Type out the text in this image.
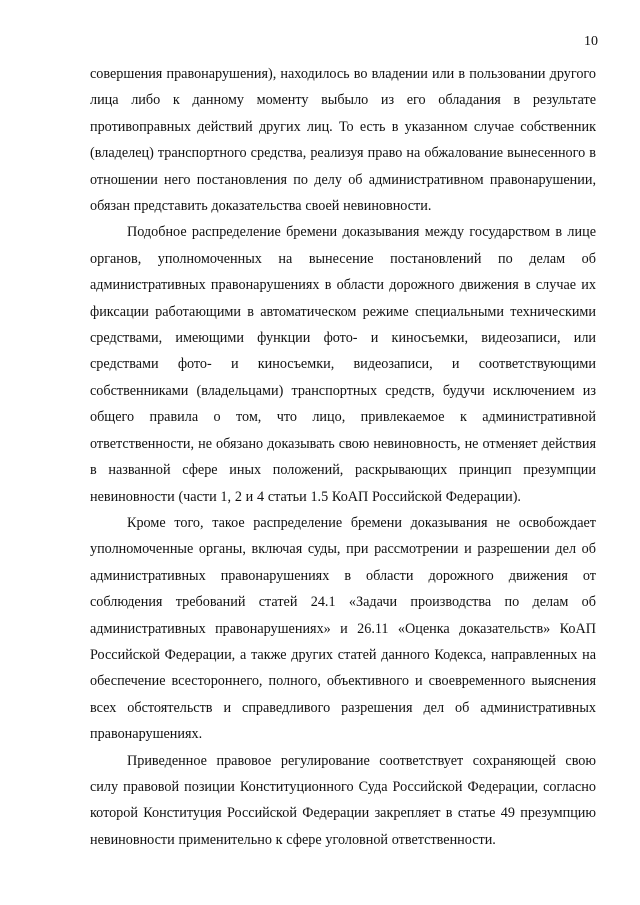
10

совершения правонарушения), находилось во владении или в пользовании другого лица либо к данному моменту выбыло из его обладания в результате противоправных действий других лиц. То есть в указанном случае собственник (владелец) транспортного средства, реализуя право на обжалование вынесенного в отношении него постановления по делу об административном правонарушении, обязан представить доказательства своей невиновности.

Подобное распределение бремени доказывания между государством в лице органов, уполномоченных на вынесение постановлений по делам об административных правонарушениях в области дорожного движения в случае их фиксации работающими в автоматическом режиме специальными техническими средствами, имеющими функции фото- и киносъемки, видеозаписи, или средствами фото- и киносъемки, видеозаписи, и соответствующими собственниками (владельцами) транспортных средств, будучи исключением из общего правила о том, что лицо, привлекаемое к административной ответственности, не обязано доказывать свою невиновность, не отменяет действия в названной сфере иных положений, раскрывающих принцип презумпции невиновности (части 1, 2 и 4 статьи 1.5 КоАП Российской Федерации).

Кроме того, такое распределение бремени доказывания не освобождает уполномоченные органы, включая суды, при рассмотрении и разрешении дел об административных правонарушениях в области дорожного движения от соблюдения требований статей 24.1 «Задачи производства по делам об административных правонарушениях» и 26.11 «Оценка доказательств» КоАП Российской Федерации, а также других статей данного Кодекса, направленных на обеспечение всестороннего, полного, объективного и своевременного выяснения всех обстоятельств и справедливого разрешения дел об административных правонарушениях.

Приведенное правовое регулирование соответствует сохраняющей свою силу правовой позиции Конституционного Суда Российской Федерации, согласно которой Конституция Российской Федерации закрепляет в статье 49 презумпцию невиновности применительно к сфере уголовной ответственности.
